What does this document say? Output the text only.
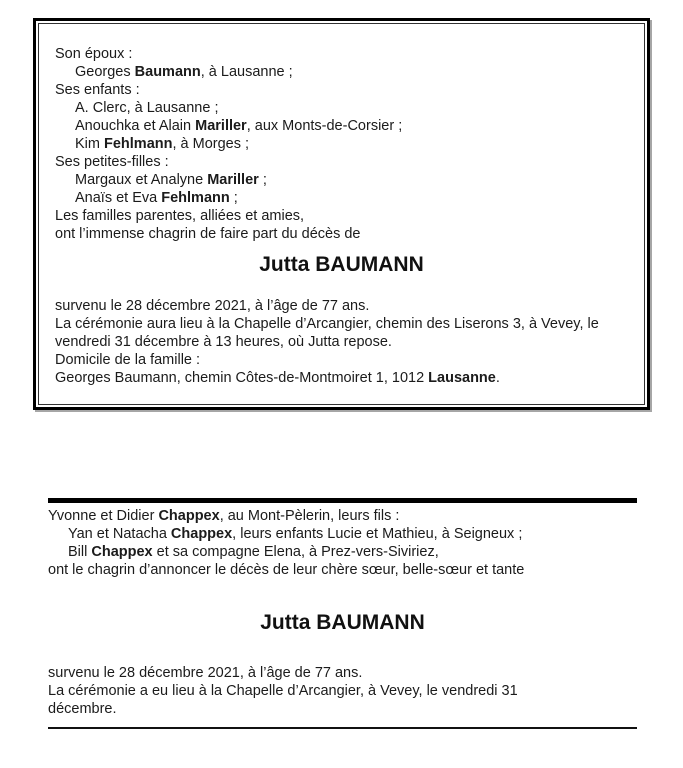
Son époux :
Georges Baumann, à Lausanne ;
Ses enfants :
A. Clerc, à Lausanne ;
Anouchka et Alain Mariller, aux Monts-de-Corsier ;
Kim Fehlmann, à Morges ;
Ses petites-filles :
Margaux et Analyne Mariller ;
Anaïs et Eva Fehlmann ;
Les familles parentes, alliées et amies,
ont l’immense chagrin de faire part du décès de
Jutta BAUMANN
survenu le 28 décembre 2021, à l’âge de 77 ans.
La cérémonie aura lieu à la Chapelle d’Arcangier, chemin des Liserons 3, à Vevey, le
vendredi 31 décembre à 13 heures, où Jutta repose.
Domicile de la famille :
Georges Baumann, chemin Côtes-de-Montmoiret 1, 1012 Lausanne.
Yvonne et Didier Chappex, au Mont-Pèlerin, leurs fils :
Yan et Natacha Chappex, leurs enfants Lucie et Mathieu, à Seigneux ;
Bill Chappex et sa compagne Elena, à Prez-vers-Siviriez,
ont le chagrin d’annoncer le décès de leur chère sœur, belle-sœur et tante
Jutta BAUMANN
survenu le 28 décembre 2021, à l’âge de 77 ans.
La cérémonie a eu lieu à la Chapelle d’Arcangier, à Vevey, le vendredi 31
décembre.
